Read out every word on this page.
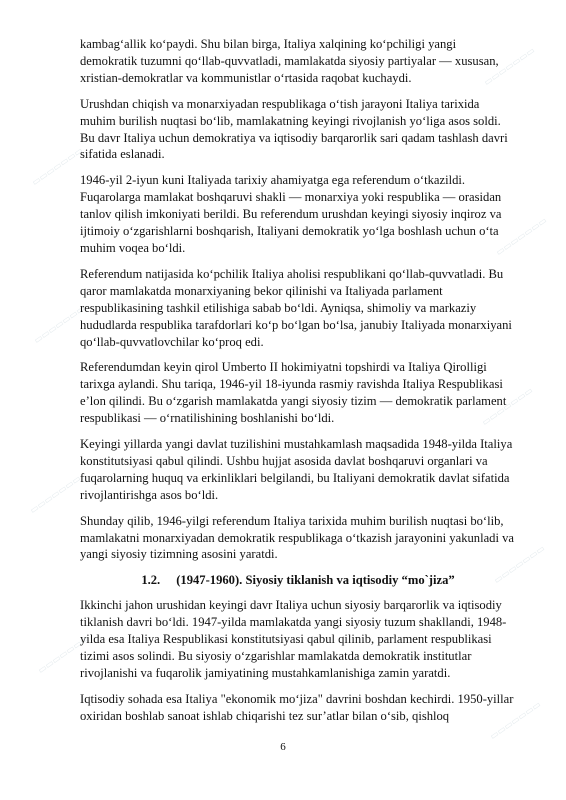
▭▭▭▭▭▭▭
▭▭▭▭▭▭▭
▭▭▭▭▭▭▭
▭▭▭▭▭▭▭
▭▭▭▭▭▭▭
▭▭▭▭▭▭▭
▭▭▭▭▭▭▭
▭▭▭▭▭▭▭
▭▭▭▭▭▭▭

kambag‘allik ko‘paydi. Shu bilan birga, Italiya xalqining ko‘pchiligi yangi demokratik tuzumni qo‘llab-quvvatladi, mamlakatda siyosiy partiyalar — xususan, xristian-demokratlar va kommunistlar o‘rtasida raqobat kuchaydi.

Urushdan chiqish va monarxiyadan respublikaga o‘tish jarayoni Italiya tarixida muhim burilish nuqtasi bo‘lib, mamlakatning keyingi rivojlanish yo‘liga asos soldi. Bu davr Italiya uchun demokratiya va iqtisodiy barqarorlik sari qadam tashlash davri sifatida eslanadi.

1946-yil 2-iyun kuni Italiyada tarixiy ahamiyatga ega referendum o‘tkazildi. Fuqarolarga mamlakat boshqaruvi shakli — monarxiya yoki respublika — orasidan tanlov qilish imkoniyati berildi. Bu referendum urushdan keyingi siyosiy inqiroz va ijtimoiy o‘zgarishlarni boshqarish, Italiyani demokratik yo‘lga boshlash uchun o‘ta muhim voqea bo‘ldi.

Referendum natijasida ko‘pchilik Italiya aholisi respublikani qo‘llab-quvvatladi. Bu qaror mamlakatda monarxiyaning bekor qilinishi va Italiyada parlament respublikasining tashkil etilishiga sabab bo‘ldi. Ayniqsa, shimoliy va markaziy hududlarda respublika tarafdorlari ko‘p bo‘lgan bo‘lsa, janubiy Italiyada monarxiyani qo‘llab-quvvatlovchilar ko‘proq edi.

Referendumdan keyin qirol Umberto II hokimiyatni topshirdi va Italiya Qirolligi tarixga aylandi. Shu tariqa, 1946-yil 18-iyunda rasmiy ravishda Italiya Respublikasi e’lon qilindi. Bu o‘zgarish mamlakatda yangi siyosiy tizim — demokratik parlament respublikasi — o‘rnatilishining boshlanishi bo‘ldi.

Keyingi yillarda yangi davlat tuzilishini mustahkamlash maqsadida 1948-yilda Italiya konstitutsiyasi qabul qilindi. Ushbu hujjat asosida davlat boshqaruvi organlari va fuqarolarning huquq va erkinliklari belgilandi, bu Italiyani demokratik davlat sifatida rivojlantirishga asos bo‘ldi.

Shunday qilib, 1946-yilgi referendum Italiya tarixida muhim burilish nuqtasi bo‘lib, mamlakatni monarxiyadan demokratik respublikaga o‘tkazish jarayonini yakunladi va yangi siyosiy tizimning asosini yaratdi.

1.2. (1947-1960). Siyosiy tiklanish va iqtisodiy “mo`jiza”

Ikkinchi jahon urushidan keyingi davr Italiya uchun siyosiy barqarorlik va iqtisodiy tiklanish davri bo‘ldi. 1947-yilda mamlakatda yangi siyosiy tuzum shakllandi, 1948-yilda esa Italiya Respublikasi konstitutsiyasi qabul qilinib, parlament respublikasi tizimi asos solindi. Bu siyosiy o‘zgarishlar mamlakatda demokratik institutlar rivojlanishi va fuqarolik jamiyatining mustahkamlanishiga zamin yaratdi.

Iqtisodiy sohada esa Italiya "ekonomik mo‘jiza" davrini boshdan kechirdi. 1950-yillar oxiridan boshlab sanoat ishlab chiqarishi tez sur’atlar bilan o‘sib, qishloq

6
